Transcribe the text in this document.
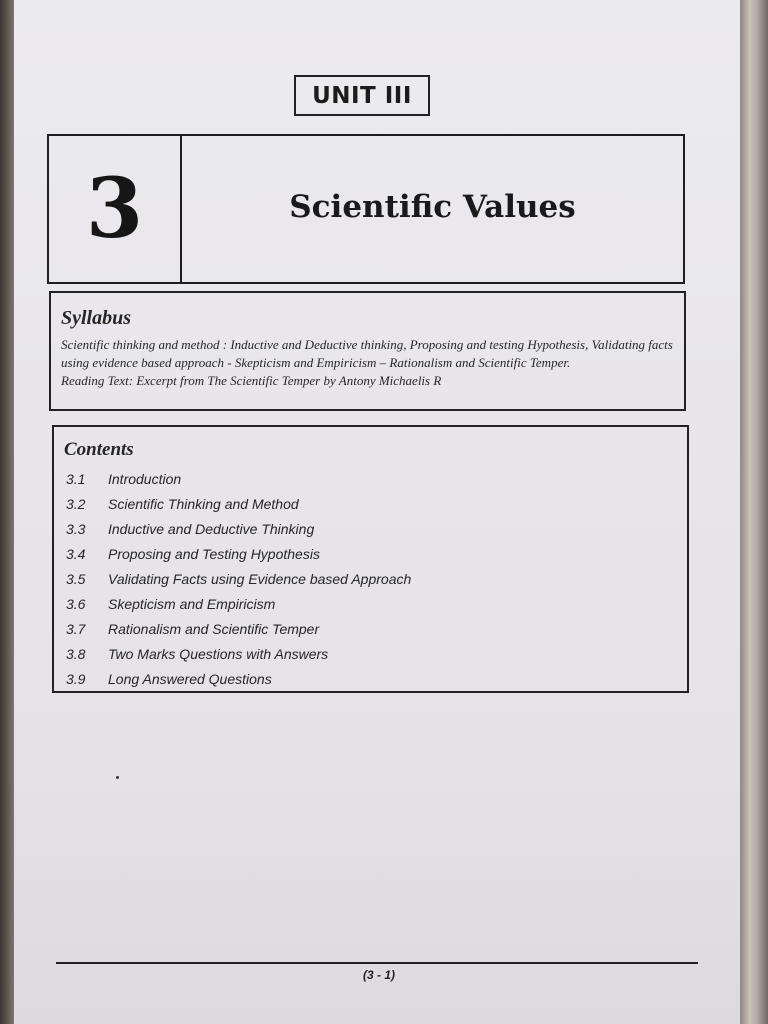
UNIT III
3	Scientific Values
Syllabus
Scientific thinking and method : Inductive and Deductive thinking, Proposing and testing Hypothesis, Validating facts using evidence based approach - Skepticism and Empiricism – Rationalism and Scientific Temper.
Reading Text: Excerpt from The Scientific Temper by Antony Michaelis R
Contents
3.1	Introduction
3.2	Scientific Thinking and Method
3.3	Inductive and Deductive Thinking
3.4	Proposing and Testing Hypothesis
3.5	Validating Facts using Evidence based Approach
3.6	Skepticism and Empiricism
3.7	Rationalism and Scientific Temper
3.8	Two Marks Questions with Answers
3.9	Long Answered Questions
(3 - 1)
